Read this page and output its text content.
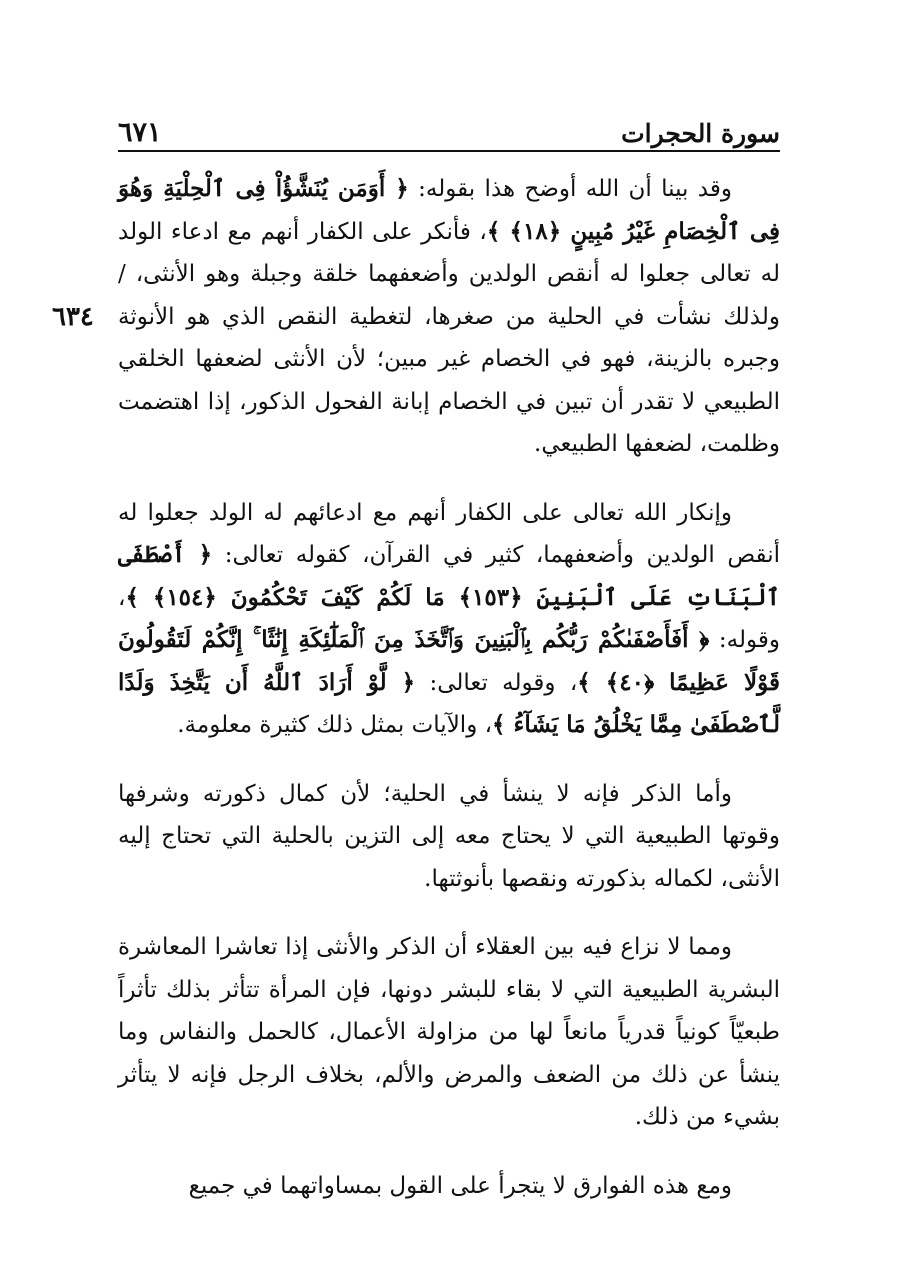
سورة الحجرات
٦٧١
٦٣٤

وقد بينا أن الله أوضح هذا بقوله: ﴿ أَوَمَن يُنَشَّؤُاْ فِى ٱلْحِلْيَةِ وَهُوَ فِى ٱلْخِصَامِ غَيْرُ مُبِينٍ ﴿١٨﴾ ﴾، فأنكر على الكفار أنهم مع ادعاء الولد له تعالى جعلوا له أنقص الولدين وأضعفهما خلقة وجبلة وهو الأنثى، / ولذلك نشأت في الحلية من صغرها، لتغطية النقص الذي هو الأنوثة وجبره بالزينة، فهو في الخصام غير مبين؛ لأن الأنثى لضعفها الخلقي الطبيعي لا تقدر أن تبين في الخصام إبانة الفحول الذكور، إذا اهتضمت وظلمت، لضعفها الطبيعي.

وإنكار الله تعالى على الكفار أنهم مع ادعائهم له الولد جعلوا له أنقص الولدين وأضعفهما، كثير في القرآن، كقوله تعالى: ﴿ أَصْطَفَى ٱلْبَنَاتِ عَلَى ٱلْبَنِينَ ﴿١٥٣﴾ مَا لَكُمْ كَيْفَ تَحْكُمُونَ ﴿١٥٤﴾ ﴾، وقوله: ﴿ أَفَأَصْفَىٰكُمْ رَبُّكُم بِٱلْبَنِينَ وَٱتَّخَذَ مِنَ ٱلْمَلَٰٓئِكَةِ إِنَٰثًا ۚ إِنَّكُمْ لَتَقُولُونَ قَوْلًا عَظِيمًا ﴿٤٠﴾ ﴾، وقوله تعالى: ﴿ لَّوْ أَرَادَ ٱللَّهُ أَن يَتَّخِذَ وَلَدًا لَّٱصْطَفَىٰ مِمَّا يَخْلُقُ مَا يَشَآءُ ﴾، والآيات بمثل ذلك كثيرة معلومة.

وأما الذكر فإنه لا ينشأ في الحلية؛ لأن كمال ذكورته وشرفها وقوتها الطبيعية التي لا يحتاج معه إلى التزين بالحلية التي تحتاج إليه الأنثى، لكماله بذكورته ونقصها بأنوثتها.

ومما لا نزاع فيه بين العقلاء أن الذكر والأنثى إذا تعاشرا المعاشرة البشرية الطبيعية التي لا بقاء للبشر دونها، فإن المرأة تتأثر بذلك تأثراً طبعيّاً كونياً قدرياً مانعاً لها من مزاولة الأعمال، كالحمل والنفاس وما ينشأ عن ذلك من الضعف والمرض والألم، بخلاف الرجل فإنه لا يتأثر بشيء من ذلك.

ومع هذه الفوارق لا يتجرأ على القول بمساواتهما في جميع
